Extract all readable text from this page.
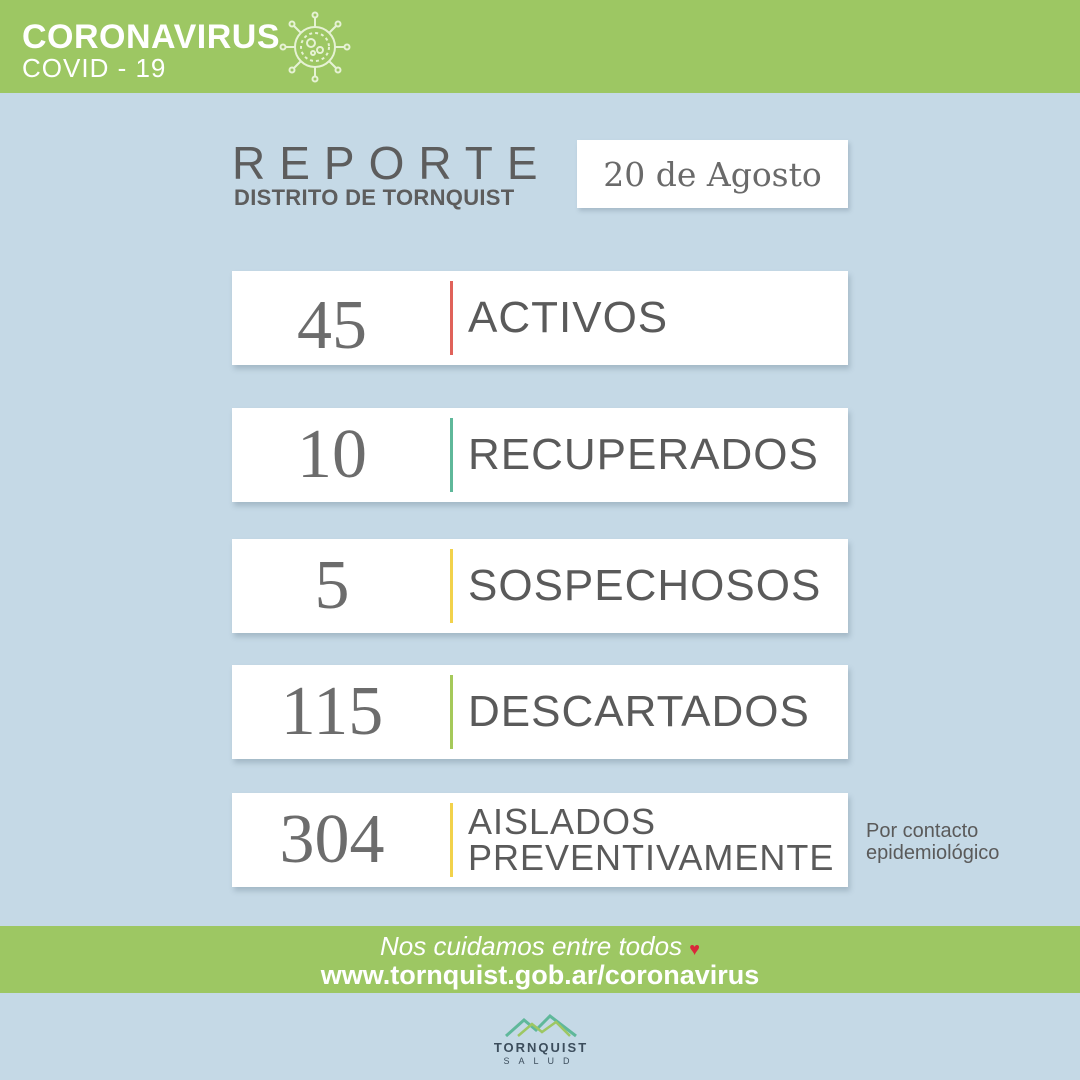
CORONAVIRUS
COVID - 19
REPORTE
DISTRITO DE TORNQUIST
20 de Agosto
45	ACTIVOS
10	RECUPERADOS
5	SOSPECHOSOS
115	DESCARTADOS
304	AISLADOS
PREVENTIVAMENTE
Por contacto
epidemiológico
Nos cuidamos entre todos ♥
www.tornquist.gob.ar/coronavirus
TORNQUIST
SALUD
